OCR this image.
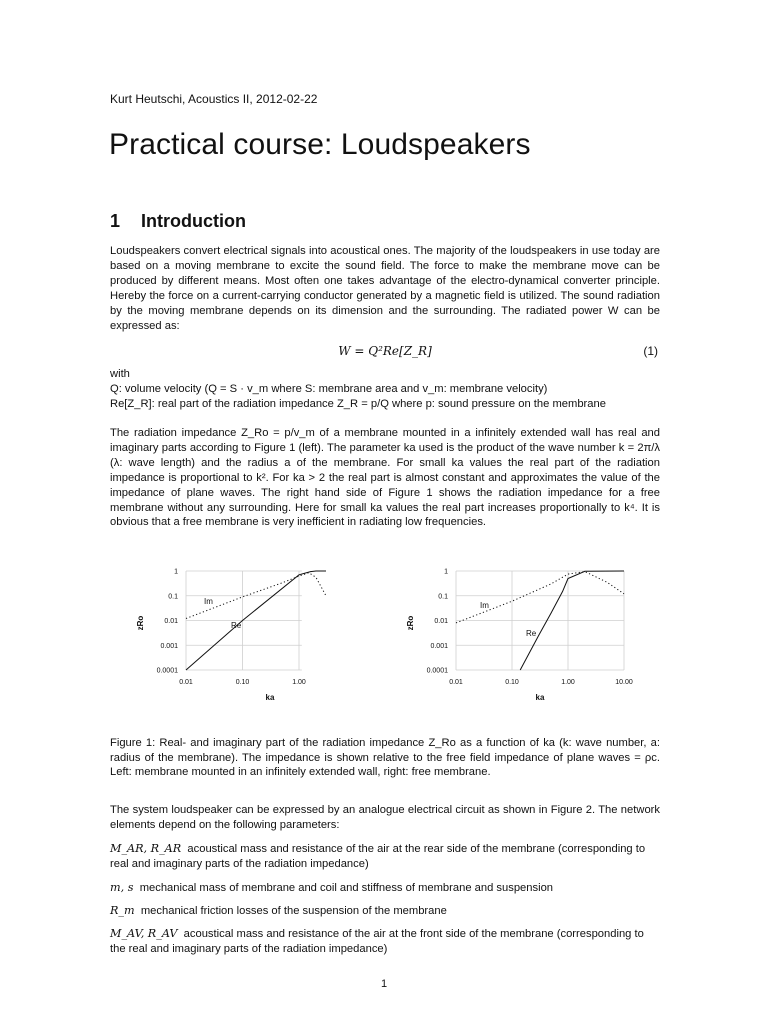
Kurt Heutschi, Acoustics II, 2012-02-22
Practical course: Loudspeakers
1 Introduction
Loudspeakers convert electrical signals into acoustical ones. The majority of the loudspeakers in use today are based on a moving membrane to excite the sound field. The force to make the membrane move can be produced by different means. Most often one takes advantage of the electro-dynamical converter principle. Hereby the force on a current-carrying conductor generated by a magnetic field is utilized. The sound radiation by the moving membrane depends on its dimension and the surrounding. The radiated power W can be expressed as:
W = Q²Re[Z_R]	(1)
with
Q: volume velocity (Q = S · v_m where S: membrane area and v_m: membrane velocity)
Re[Z_R]: real part of the radiation impedance Z_R = p/Q where p: sound pressure on the membrane
The radiation impedance Z_Ro = p/v_m of a membrane mounted in a infinitely extended wall has real and imaginary parts according to Figure 1 (left). The parameter ka used is the product of the wave number k = 2π/λ (λ: wave length) and the radius a of the membrane. For small ka values the real part of the radiation impedance is proportional to k². For ka > 2 the real part is almost constant and approximates the value of the impedance of plane waves. The right hand side of Figure 1 shows the radiation impedance for a free membrane without any surrounding. Here for small ka values the real part increases proportionally to k⁴. It is obvious that a free membrane is very inefficient in radiating low frequencies.
1
0.1
0.01
0.001
0.0001
0.01	0.10	1.00
ka
zRo	Re
Im
1
0.1
0.01
0.001
0.0001
0.01	0.10	1.00	10.00
ka
zRo
Re
Im
Figure 1: Real- and imaginary part of the radiation impedance Z_Ro as a function of ka (k: wave number, a: radius of the membrane). The impedance is shown relative to the free field impedance of plane waves = ρc. Left: membrane mounted in an infinitely extended wall, right: free membrane.
The system loudspeaker can be expressed by an analogue electrical circuit as shown in Figure 2. The network elements depend on the following parameters:
M_AR, R_AR acoustical mass and resistance of the air at the rear side of the membrane (corresponding to real and imaginary parts of the radiation impedance)
m, s mechanical mass of membrane and coil and stiffness of membrane and suspension
R_m mechanical friction losses of the suspension of the membrane
M_AV, R_AV acoustical mass and resistance of the air at the front side of the membrane (corresponding to the real and imaginary parts of the radiation impedance)
1
